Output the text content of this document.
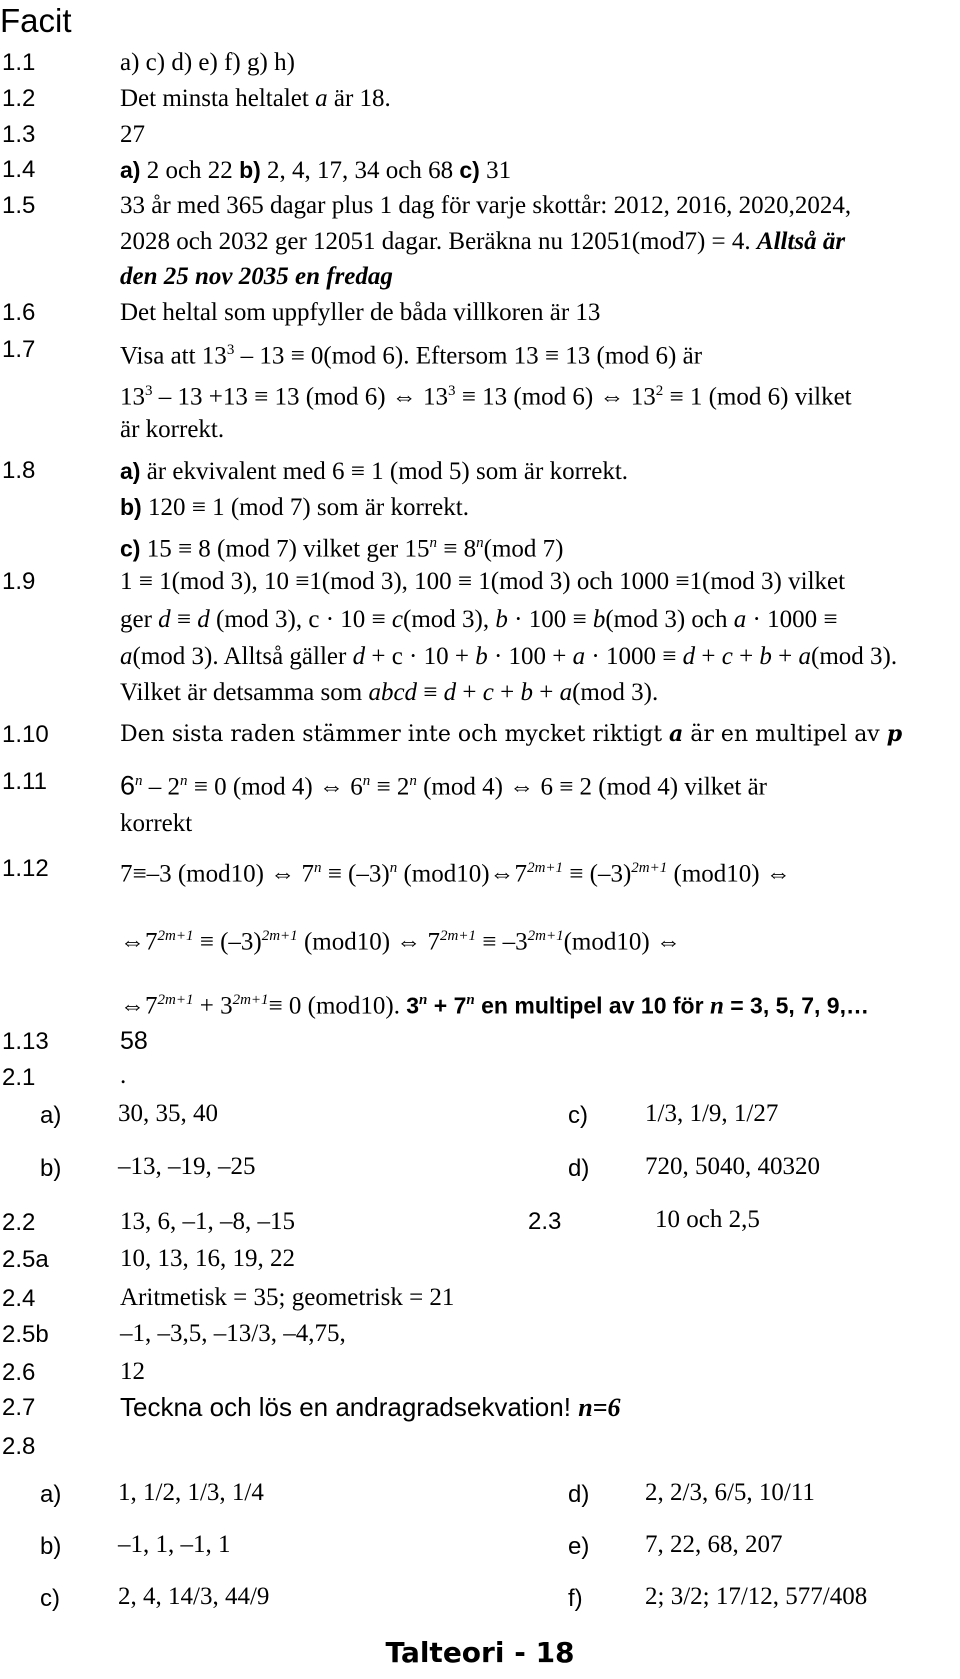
Facit
1.1	a) c) d) e) f) g) h)
1.2	Det minsta heltalet a är 18.
1.3	27
1.4	a) 2 och 22 b) 2, 4, 17, 34 och 68 c) 31
1.5	33 år med 365 dagar plus 1 dag för varje skottår: 2012, 2016, 2020,2024,
2028 och 2032 ger 12051 dagar. Beräkna nu 12051(mod7) = 4. Alltså är
den 25 nov 2035 en fredag
1.6	Det heltal som uppfyller de båda villkoren är 13
1.7	Visa att $13^3 - 13 \equiv 0(mod$ 6). Eftersom 13 ≡ 13 (mod 6) är
$13^3 - 13 +13 \equiv 13$ (mod 6) ⇔ $13^3 \equiv 13$ (mod 6) ⇔ $13^2 \equiv 1$ (mod 6) vilket
är korrekt.
1.8	a) är ekvivalent med 6 ≡ 1 (mod 5) som är korrekt.
b) 120 ≡ 1 (mod 7) som är korrekt.
c) 15 ≡ 8 (mod 7) vilket ger $15^n \equiv 8^n(mod$ 7)
1.9	1 ≡ 1(mod 3), 10 ≡1(mod 3), 100 ≡ 1(mod 3) och 1000 ≡1(mod 3) vilket
ger d ≡ d (mod 3), c · 10 ≡ c(mod 3), b · 100 ≡ b(mod 3) och a · 1000 ≡
a(mod 3). Alltså gäller d + c · 10 + b · 100 + a · 1000 ≡ d + c + b + a(mod 3).
Vilket är detsamma som abcd ≡ d + c + b + a(mod 3).
1.10	Den sista raden stämmer inte och mycket riktigt a är en multipel av p
1.11	$6^n - 2^n \equiv 0$ (mod 4) ⇔ $6^n \equiv 2^n$ (mod 4) ⇔ 6 ≡ 2 (mod 4) vilket är
korrekt
1.12	7≡–3 (mod10) ⇔ $7^n \equiv (-3)^n$ $(mod10)\Leftrightarrow 7^{2m+1} \equiv (-3)^{2m+1}$ (mod10) ⇔
$\Leftrightarrow 7^{2m+1} \equiv (-3)^{2m+1}$ (mod10) ⇔ $7^{2m+1} \equiv -3^{2m+1}(mod10)$ ⇔
$\Leftrightarrow 7^{2m+1} + 3^{2m+1}\equiv 0$ (mod10). $3^n + 7^n$ en multipel av 10 för n = 3, 5, 7, 9,…
1.13	58
2.1	.
a) 30, 35, 40	c) 1/3, 1/9, 1/27
b) –13, –19, –25	d) 720, 5040, 40320
2.2	13, 6, –1, –8, –15	2.3	10 och 2,5
2.5a	10, 13, 16, 19, 22
2.4	Aritmetisk = 35; geometrisk = 21
2.5b	–1, –3,5, –13/3, –4,75,
2.6	12
2.7	Teckna och lös en andragradsekvation! n=6
2.8
a) 1, 1/2, 1/3, 1/4	d) 2, 2/3, 6/5, 10/11
b) –1, 1, –1, 1	e) 7, 22, 68, 207
c) 2, 4, 14/3, 44/9	f) 2; 3/2; 17/12, 577/408
Talteori - 18
